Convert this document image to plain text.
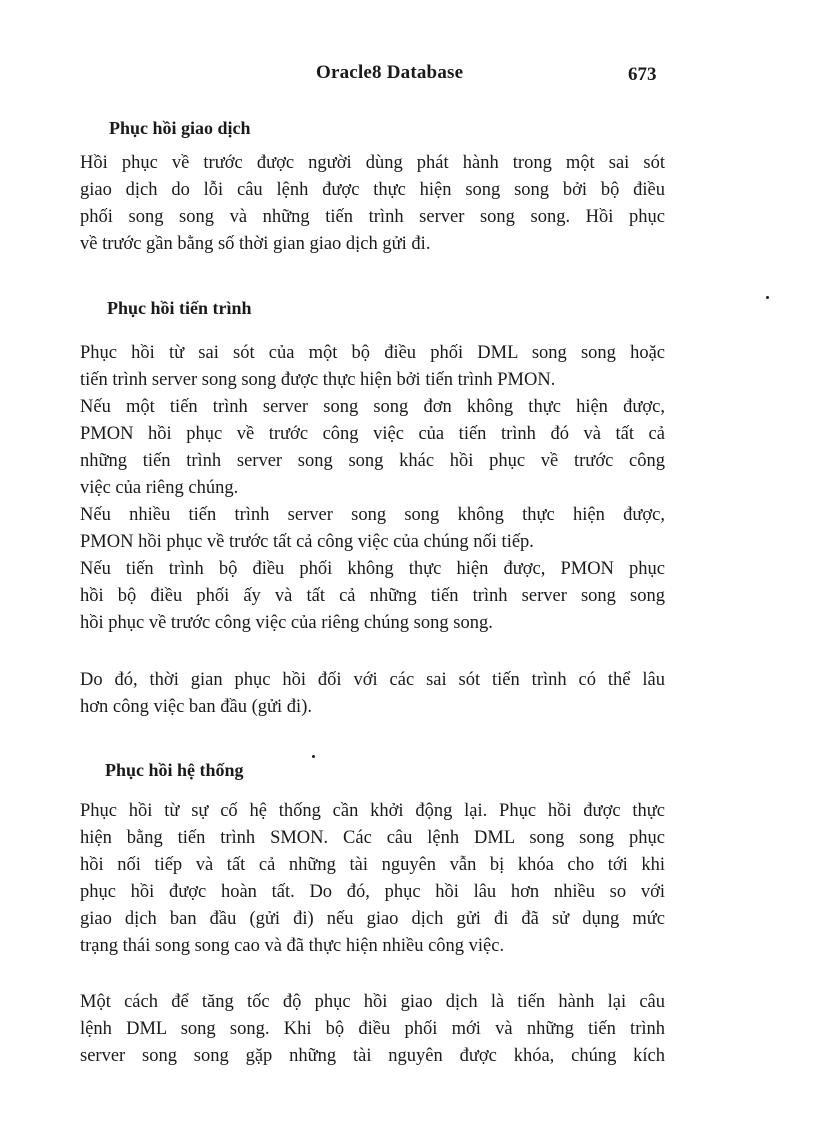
Oracle8 Database	673
Phục hồi giao dịch

Hồi phục về trước được người dùng phát hành trong một sai sót
giao dịch do lỗi câu lệnh được thực hiện song song bởi bộ điều
phối song song và những tiến trình server song song. Hồi phục
về trước gần bằng số thời gian giao dịch gửi đi.

Phục hồi tiến trình

Phục hồi từ sai sót của một bộ điều phối DML song song hoặc
tiến trình server song song được thực hiện bởi tiến trình PMON.
Nếu một tiến trình server song song đơn không thực hiện được,
PMON hồi phục về trước công việc của tiến trình đó và tất cả
những tiến trình server song song khác hồi phục về trước công
việc của riêng chúng.
Nếu nhiều tiến trình server song song không thực hiện được,
PMON hồi phục về trước tất cả công việc của chúng nối tiếp.
Nếu tiến trình bộ điều phối không thực hiện được, PMON phục
hồi bộ điều phối ấy và tất cả những tiến trình server song song
hồi phục về trước công việc của riêng chúng song song.

Do đó, thời gian phục hồi đối với các sai sót tiến trình có thể lâu
hơn công việc ban đầu (gửi đi).

Phục hồi hệ thống

Phục hồi từ sự cố hệ thống cần khởi động lại. Phục hồi được thực
hiện bằng tiến trình SMON. Các câu lệnh DML song song phục
hồi nối tiếp và tất cả những tài nguyên vẫn bị khóa cho tới khi
phục hồi được hoàn tất. Do đó, phục hồi lâu hơn nhiều so với
giao dịch ban đầu (gửi đi) nếu giao dịch gửi đi đã sử dụng mức
trạng thái song song cao và đã thực hiện nhiều công việc.

Một cách để tăng tốc độ phục hồi giao dịch là tiến hành lại câu
lệnh DML song song. Khi bộ điều phối mới và những tiến trình
server song song gặp những tài nguyên được khóa, chúng kích
